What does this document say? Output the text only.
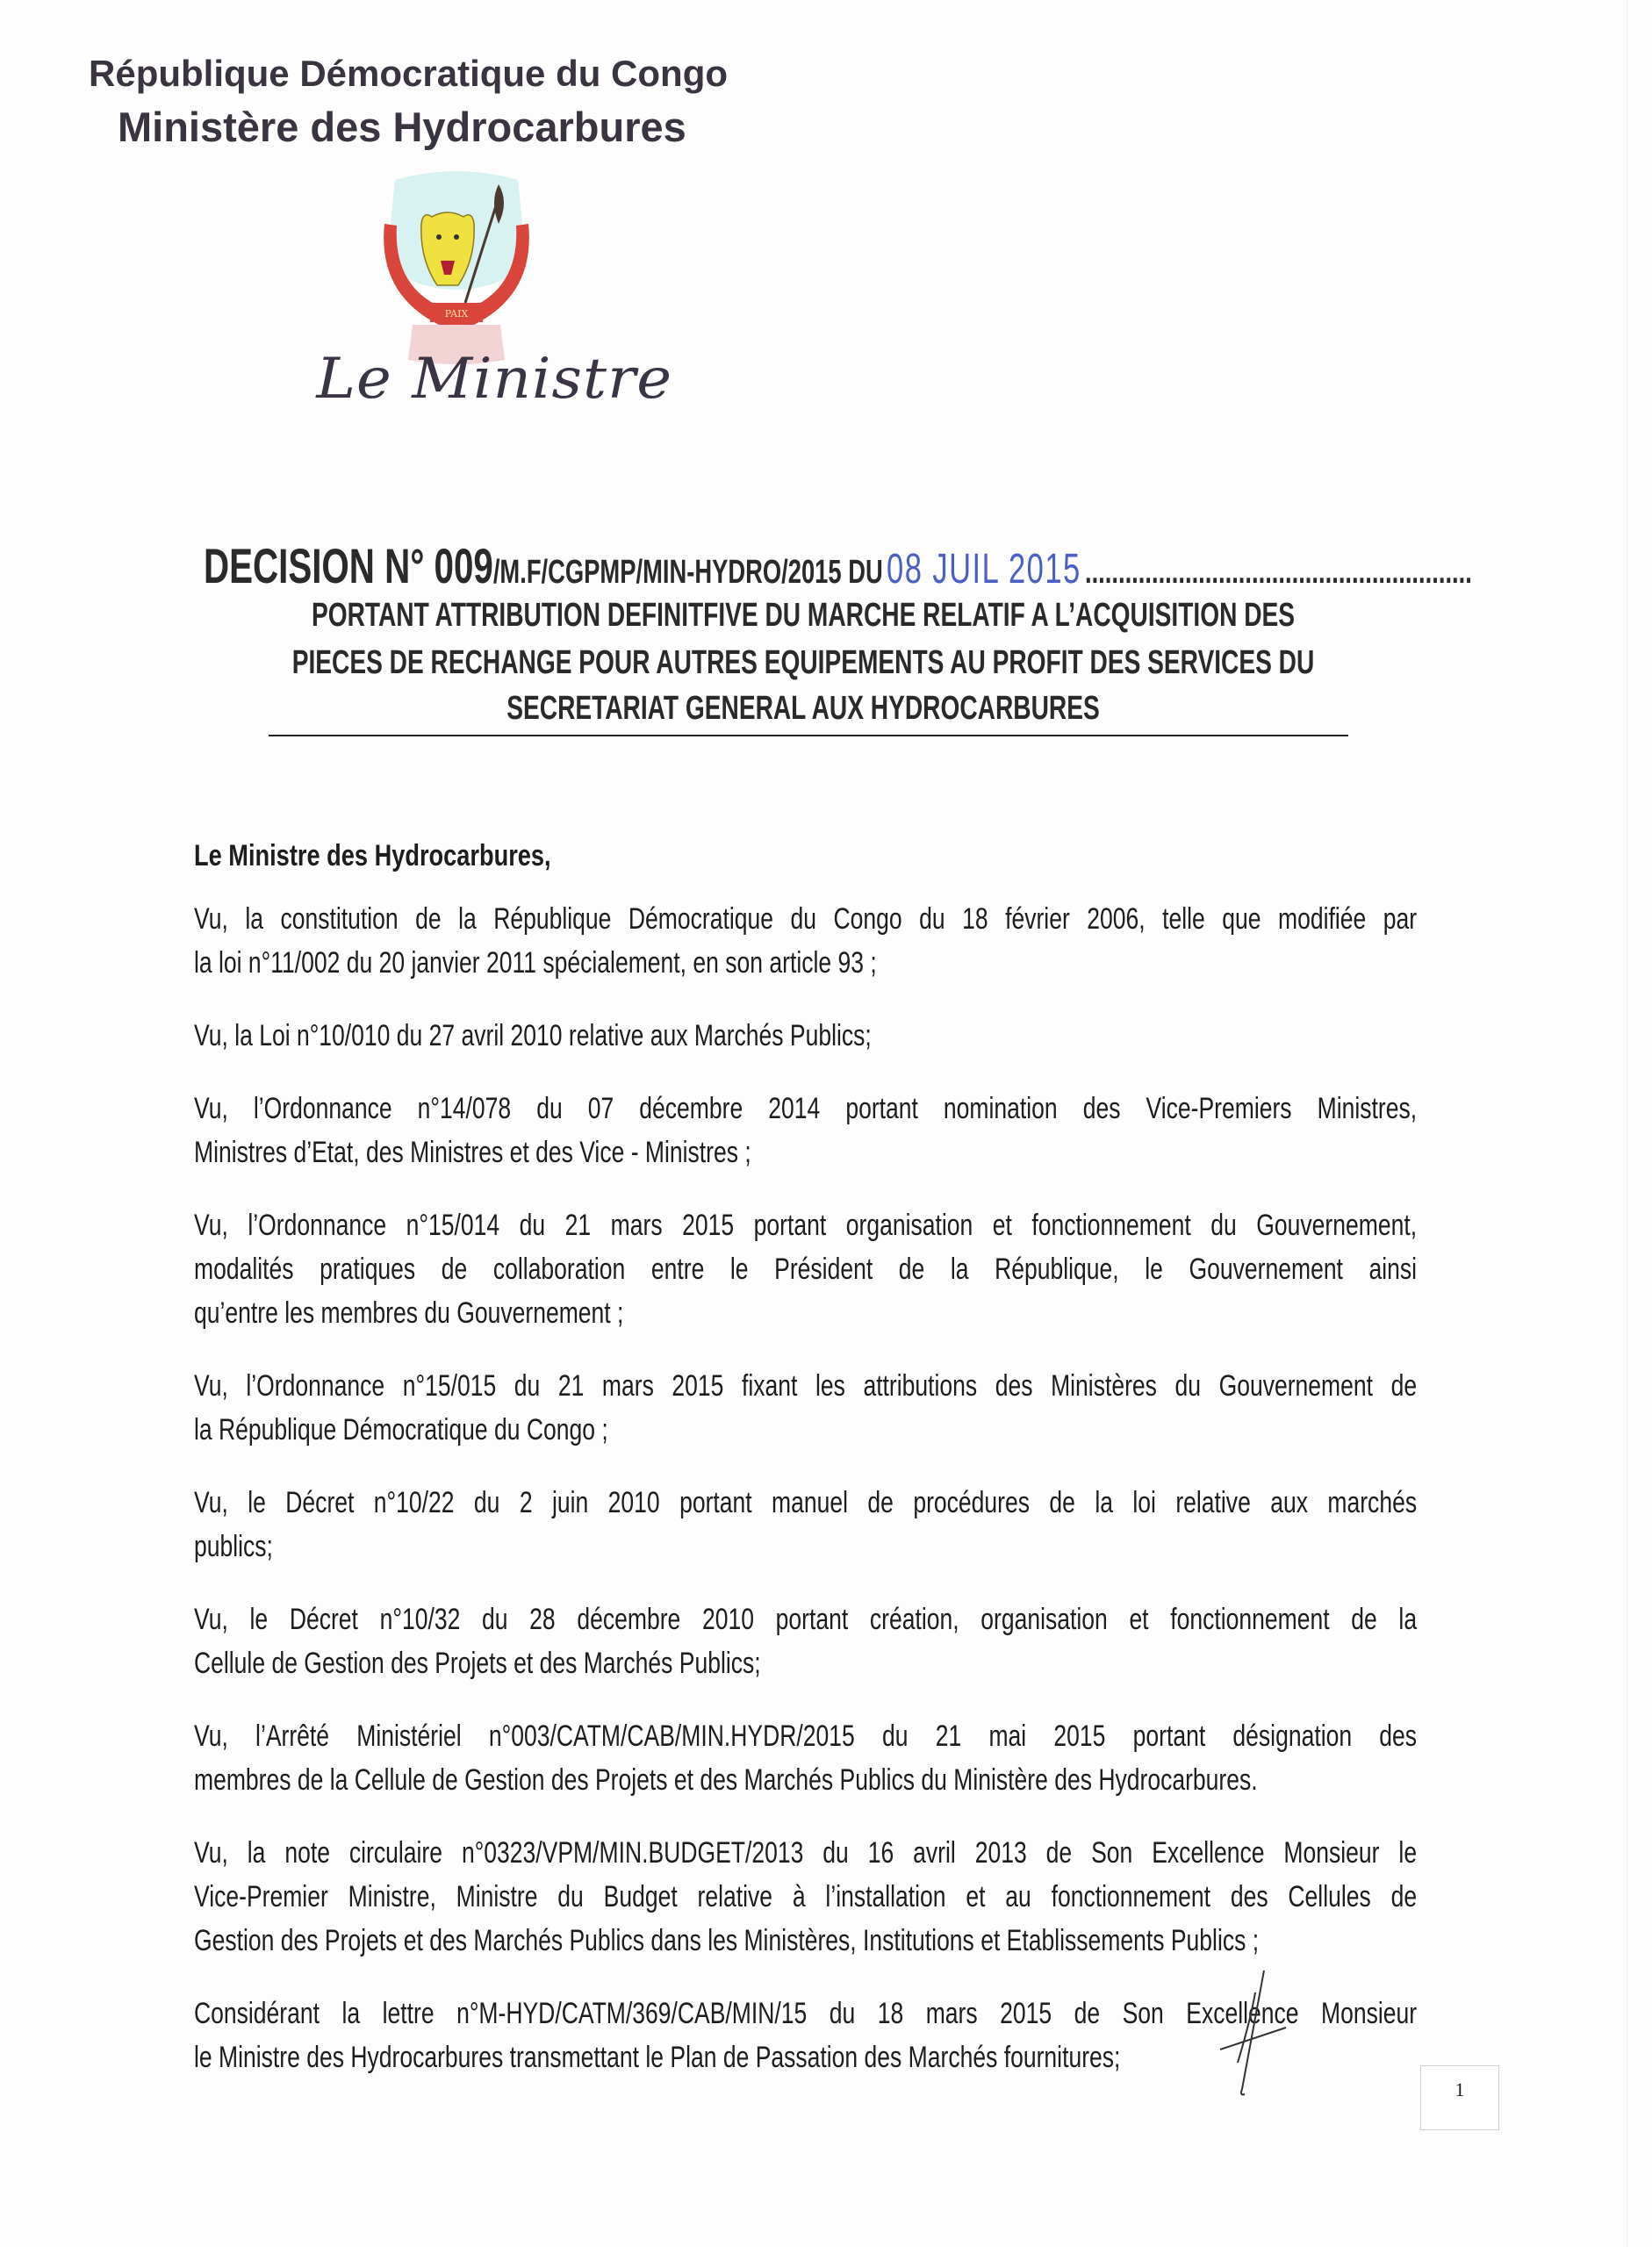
République Démocratique du Congo
Ministère des Hydrocarbures
PAIX
Le Ministre
DECISION N° 009/M.F/CGPMP/MIN-HYDRO/2015 DU08 JUIL 2015 ..........................................................
PORTANT ATTRIBUTION DEFINITFIVE DU MARCHE RELATIF A L’ACQUISITION DES
PIECES DE RECHANGE POUR AUTRES EQUIPEMENTS AU PROFIT DES SERVICES DU
SECRETARIAT GENERAL AUX HYDROCARBURES
Le Ministre des Hydrocarbures,
Vu, la constitution de la République Démocratique du Congo du 18 février 2006, telle que modifiée par
la loi n°11/002 du 20 janvier 2011 spécialement, en son article 93 ;
Vu, la Loi n°10/010 du 27 avril 2010 relative aux Marchés Publics;
Vu, l’Ordonnance n°14/078 du 07 décembre 2014 portant nomination des Vice-Premiers Ministres,
Ministres d’Etat, des Ministres et des Vice - Ministres ;
Vu, l’Ordonnance n°15/014 du 21 mars 2015 portant organisation et fonctionnement du Gouvernement,
modalités pratiques de collaboration entre le Président de la République, le Gouvernement ainsi
qu’entre les membres du Gouvernement ;
Vu, l’Ordonnance n°15/015 du 21 mars 2015 fixant les attributions des Ministères du Gouvernement de
la République Démocratique du Congo ;
Vu, le Décret n°10/22 du 2 juin 2010 portant manuel de procédures de la loi relative aux marchés
publics;
Vu, le Décret n°10/32 du 28 décembre 2010 portant création, organisation et fonctionnement de la
Cellule de Gestion des Projets et des Marchés Publics;
Vu, l’Arrêté Ministériel n°003/CATM/CAB/MIN.HYDR/2015 du 21 mai 2015 portant désignation des
membres de la Cellule de Gestion des Projets et des Marchés Publics du Ministère des Hydrocarbures.
Vu, la note circulaire n°0323/VPM/MIN.BUDGET/2013 du 16 avril 2013 de Son Excellence Monsieur le
Vice-Premier Ministre, Ministre du Budget relative à l’installation et au fonctionnement des Cellules de
Gestion des Projets et des Marchés Publics dans les Ministères, Institutions et Etablissements Publics ;
Considérant la lettre n°M-HYD/CATM/369/CAB/MIN/15 du 18 mars 2015 de Son Excellence Monsieur
le Ministre des Hydrocarbures transmettant le Plan de Passation des Marchés fournitures;
1
